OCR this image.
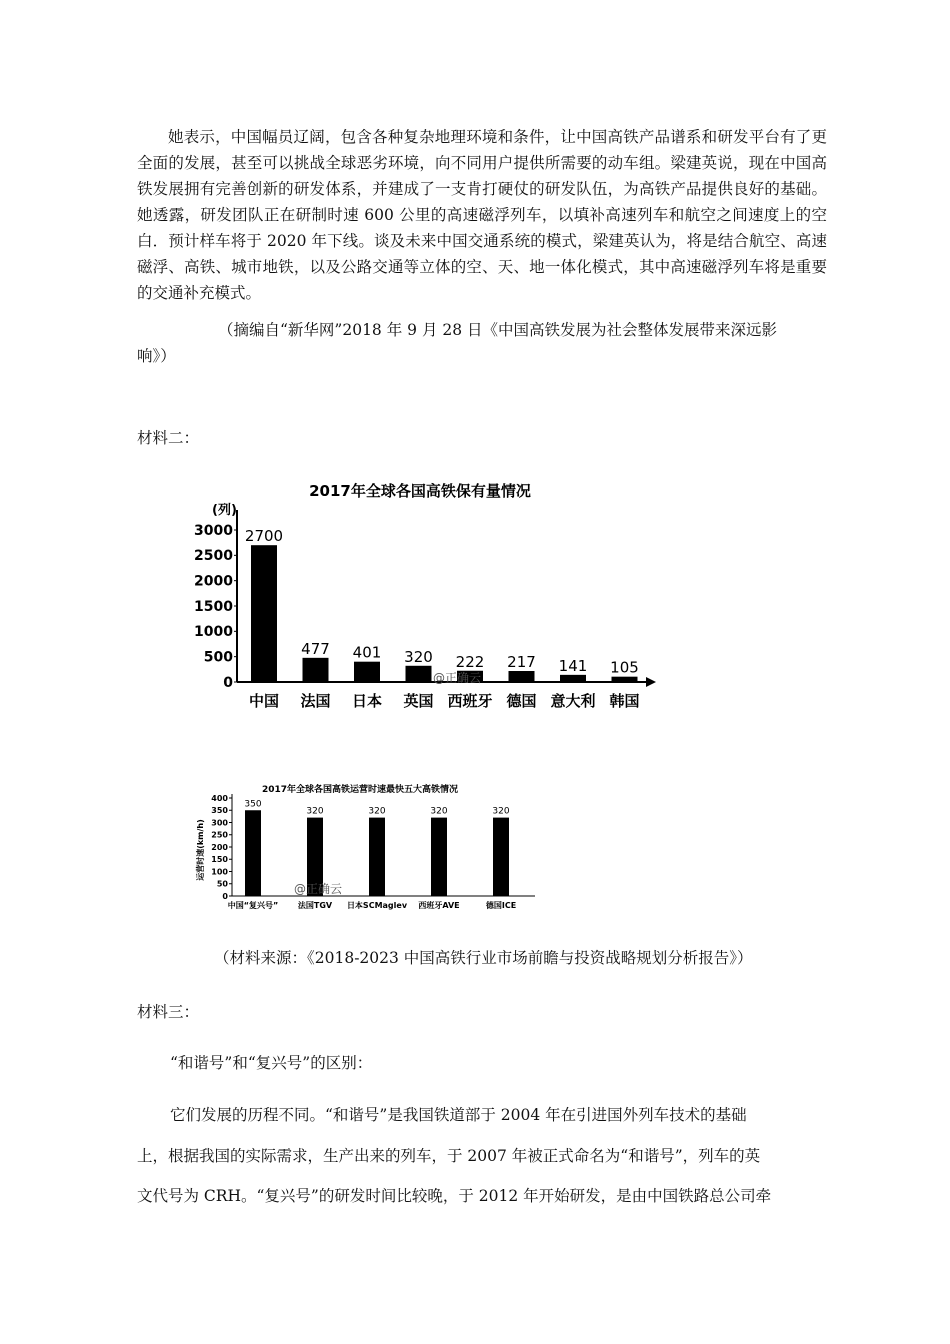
她表示，中国幅员辽阔，包含各种复杂地理环境和条件，让中国高铁产品谱系和研发平台有了更全面的发展，甚至可以挑战全球恶劣环境，向不同用户提供所需要的动车组。梁建英说，现在中国高铁发展拥有完善创新的研发体系，并建成了一支肯打硬仗的研发队伍，为高铁产品提供良好的基础。她透露，研发团队正在研制时速 600 公里的高速磁浮列车，以填补高速列车和航空之间速度上的空白．预计样车将于 2020 年下线。谈及未来中国交通系统的模式，梁建英认为，将是结合航空、高速磁浮、高铁、城市地铁，以及公路交通等立体的空、天、地一体化模式，其中高速磁浮列车将是重要的交通补充模式。

（摘编自“新华网”2018 年 9 月 28 日《中国高铁发展为社会整体发展带来深远影

响》）

材料二：

2017年全球各国高铁保有量情况
(列)
0
500
1000
1500
2000
2500
3000 2700
中国
477
法国
401
日本
320
英国
222
西班牙
217
德国
141
意大利
105
韩国
@正确云
2017年全球各国高铁运营时速最快五大高铁情况
运营时速(km/h)
0
50
100
150
200
250
300
350
400
350
中国“复兴号”
320
法国TGV
320
日本SCMaglev
320
西班牙AVE
320
德国ICE
@正确云

（材料来源：《2018-2023 中国高铁行业市场前瞻与投资战略规划分析报告》）

材料三：

“和谐号”和“复兴号”的区别：

它们发展的历程不同。“和谐号”是我国铁道部于 2004 年在引进国外列车技术的基础

上，根据我国的实际需求，生产出来的列车，于 2007 年被正式命名为“和谐号”，列车的英

文代号为 CRH。“复兴号”的研发时间比较晚，于 2012 年开始研发，是由中国铁路总公司牵
